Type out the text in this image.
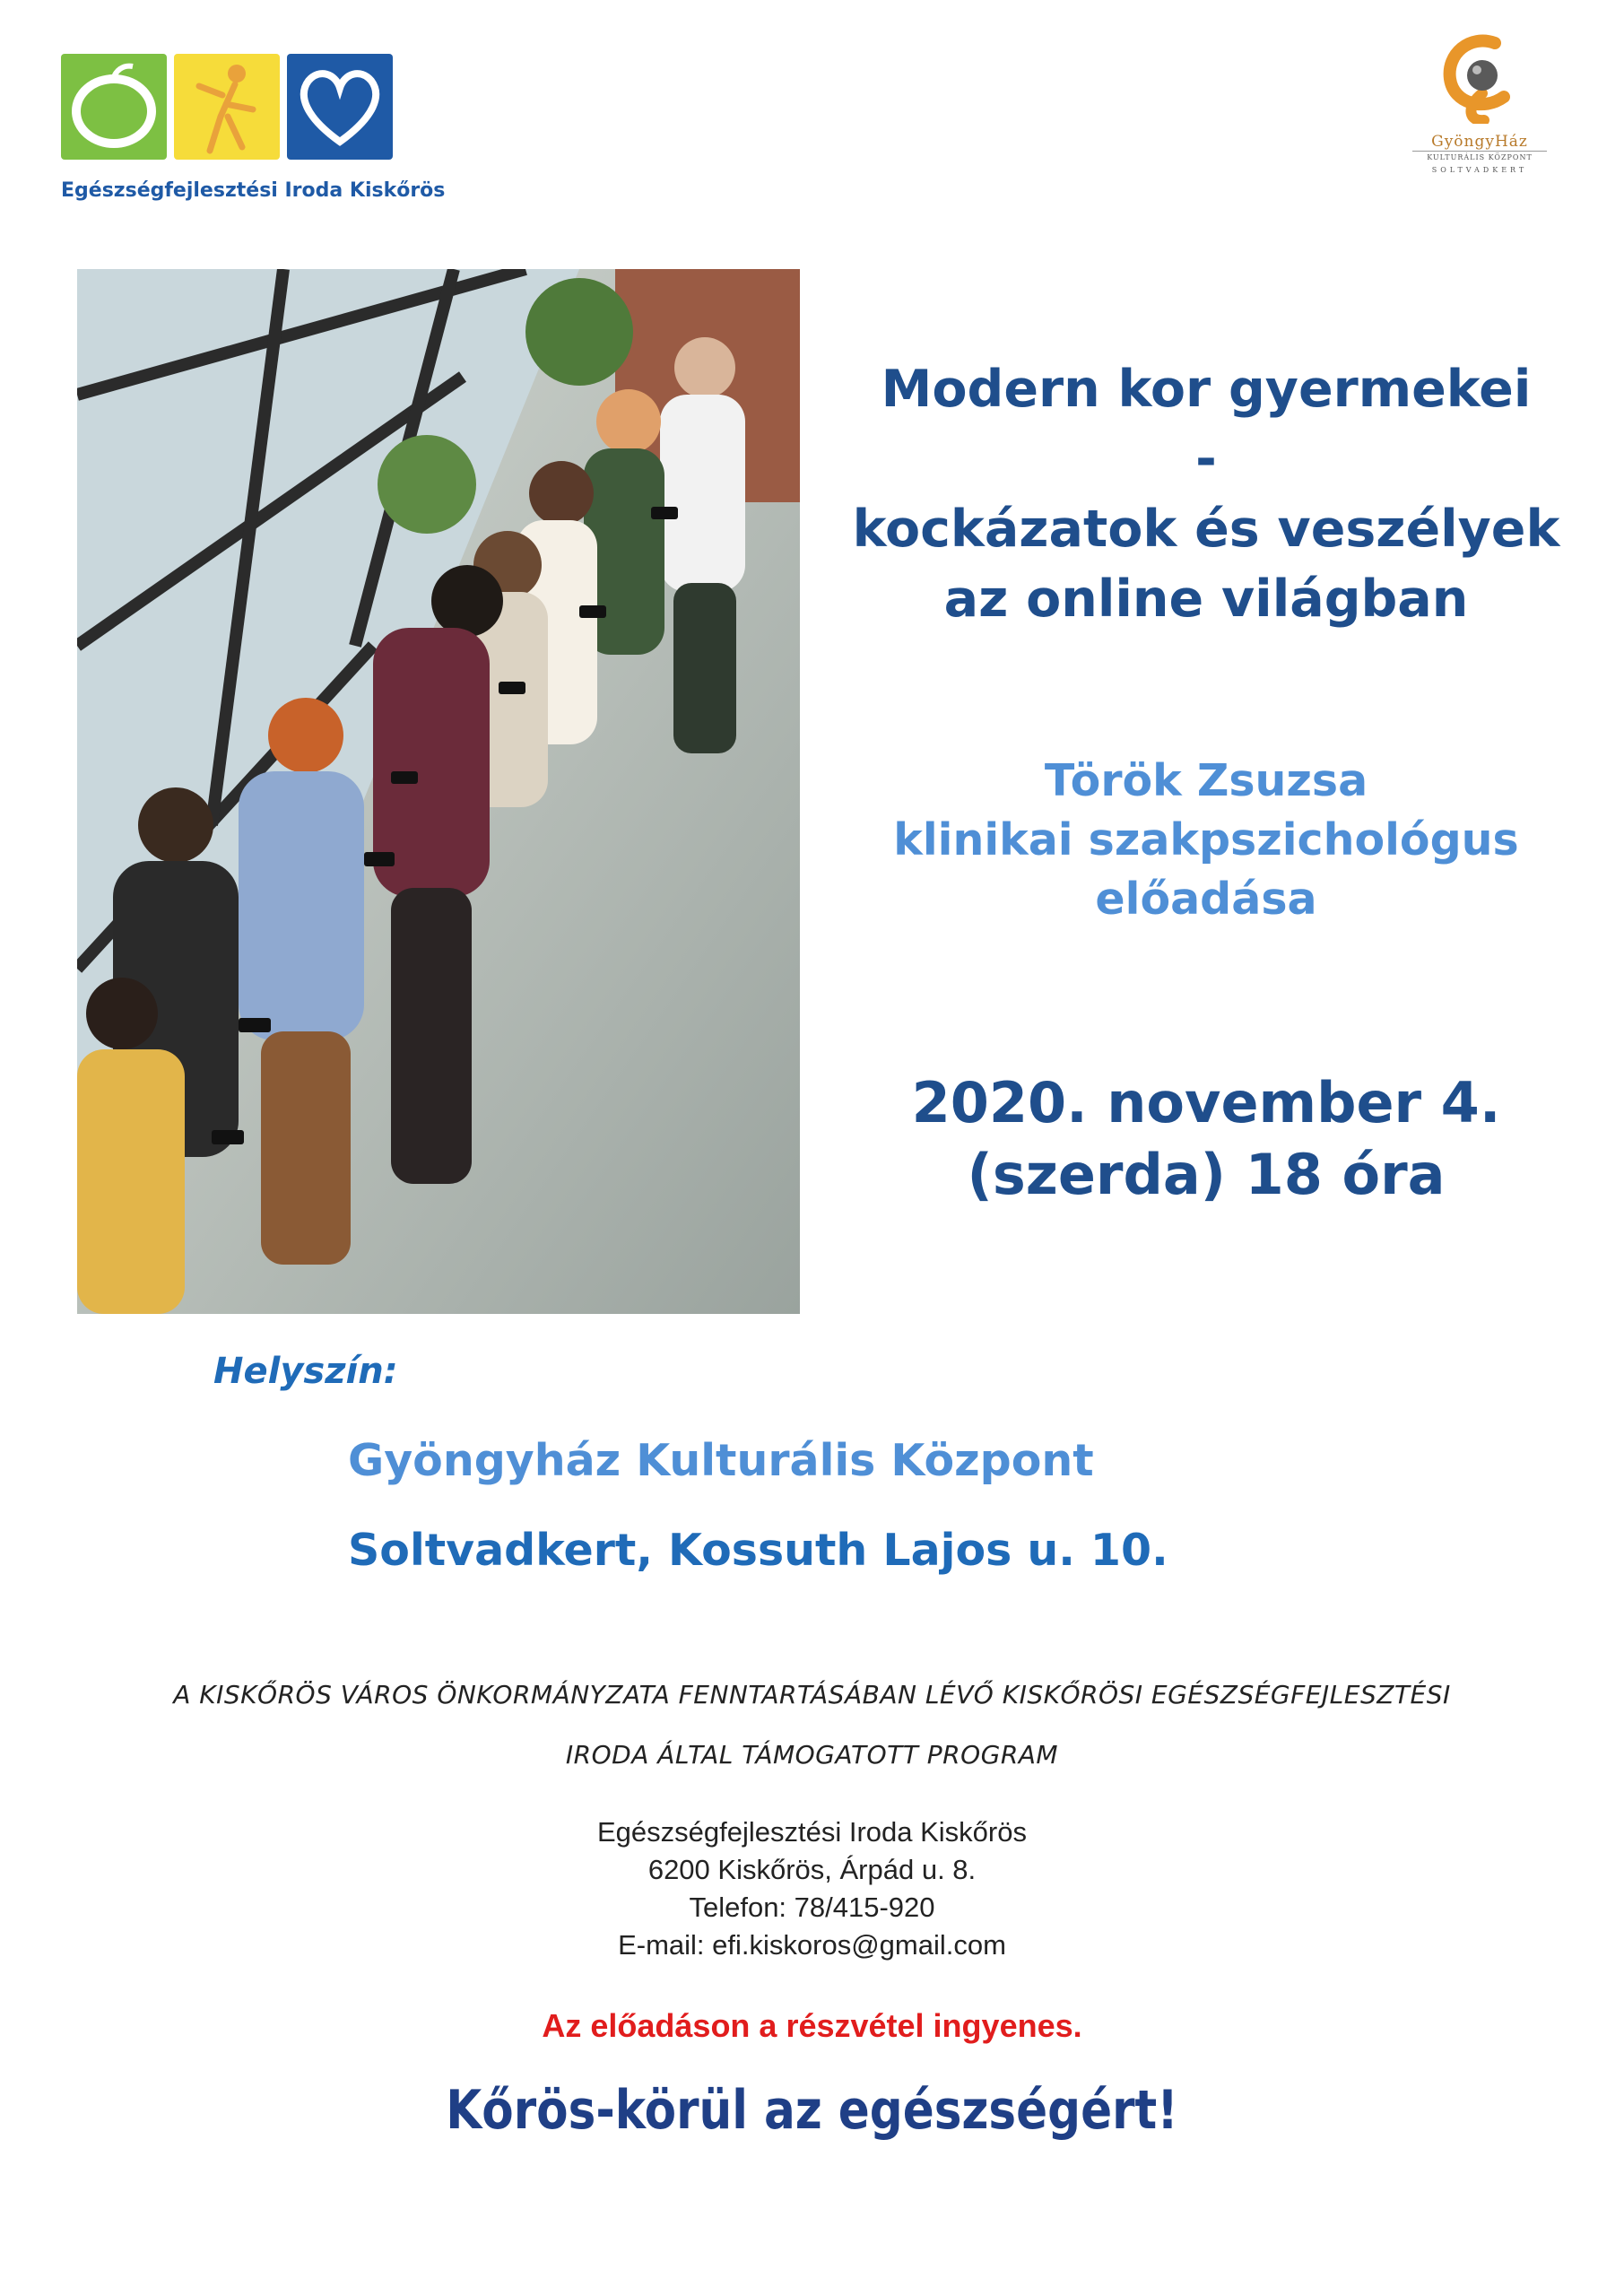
Egészségfejlesztési Iroda Kiskőrös
GyöngyHáz
KULTURÁLIS KÖZPONT
SOLTVADKERT
Modern kor gyermekei
-
kockázatok és veszélyek
az online világban
Török Zsuzsa
klinikai szakpszichológus
előadása
2020. november 4.
(szerda) 18 óra
Helyszín:
Gyöngyház Kulturális Központ
Soltvadkert, Kossuth Lajos u. 10.
A KISKŐRÖS VÁROS ÖNKORMÁNYZATA FENNTARTÁSÁBAN LÉVŐ KISKŐRÖSI EGÉSZSÉGFEJLESZTÉSI
IRODA ÁLTAL TÁMOGATOTT PROGRAM
Egészségfejlesztési Iroda Kiskőrös
6200 Kiskőrös, Árpád u. 8.
Telefon: 78/415-920
E-mail: efi.kiskoros@gmail.com
Az előadáson a részvétel ingyenes.
Kőrös-körül az egészségért!
